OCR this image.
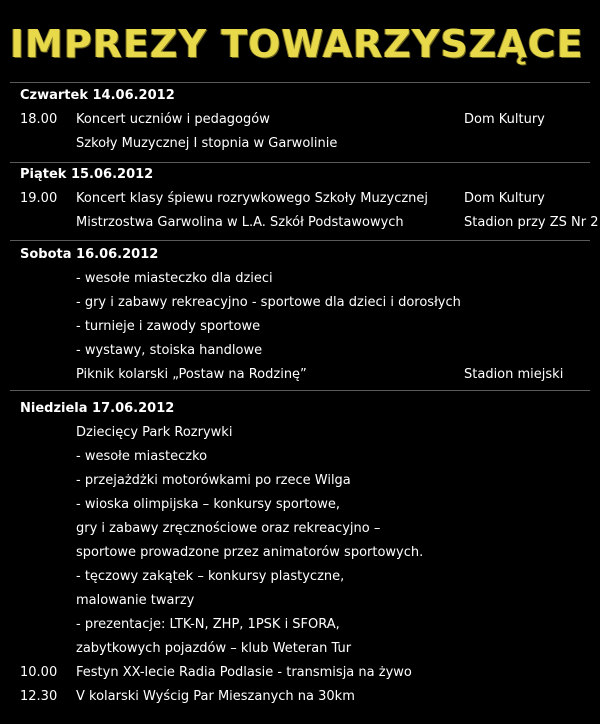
IMPREZY TOWARZYSZĄCE
Czwartek 14.06.2012
18.00 Koncert uczniów i pedagogów	Dom Kultury
Szkoły Muzycznej I stopnia w Garwolinie
Piątek 15.06.2012
19.00 Koncert klasy śpiewu rozrywkowego Szkoły Muzycznej	Dom Kultury
Mistrzostwa Garwolina w L.A. Szkół Podstawowych	Stadion przy ZS Nr 2
Sobota 16.06.2012
- wesołe miasteczko dla dzieci
- gry i zabawy rekreacyjno - sportowe dla dzieci i dorosłych
- turnieje i zawody sportowe
- wystawy, stoiska handlowe
Piknik kolarski „Postaw na Rodzinę”	Stadion miejski
Niedziela 17.06.2012
Dziecięcy Park Rozrywki
- wesołe miasteczko
- przejażdżki motorówkami po rzece Wilga
- wioska olimpijska – konkursy sportowe,
gry i zabawy zręcznościowe oraz rekreacyjno –
sportowe prowadzone przez animatorów sportowych.
- tęczowy zakątek – konkursy plastyczne,
malowanie twarzy
- prezentacje: LTK-N, ZHP, 1PSK i SFORA,
zabytkowych pojazdów – klub Weteran Tur
10.00 Festyn XX-lecie Radia Podlasie - transmisja na żywo
12.30 V kolarski Wyścig Par Mieszanych na 30km
